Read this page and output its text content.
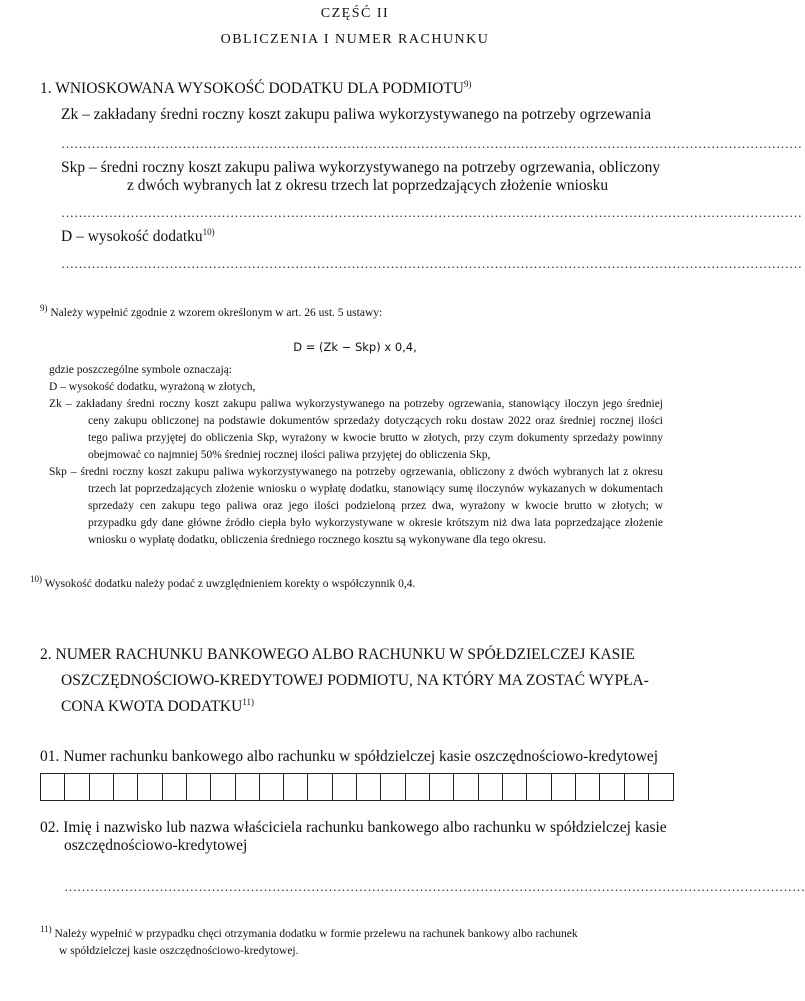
CZĘŚĆ II
OBLICZENIA I NUMER RACHUNKU
1. WNIOSKOWANA WYSOKOŚĆ DODATKU DLA PODMIOTU$^{9)}$
Zk – zakładany średni roczny koszt zakupu paliwa wykorzystywanego na potrzeby ogrzewania
………………………………………………………………………………………………………………………………………………………
Skp – średni roczny koszt zakupu paliwa wykorzystywanego na potrzeby ogrzewania, obliczony
z dwóch wybranych lat z okresu trzech lat poprzedzających złożenie wniosku
………………………………………………………………………………………………………………………………………………………
D – wysokość dodatku$^{10)}$
………………………………………………………………………………………………………………………………………………………
$^{9)}$ Należy wypełnić zgodnie z wzorem określonym w art. 26 ust. 5 ustawy:
D = (Zk − Skp) x 0,4,

gdzie poszczególne symbole oznaczają:

D – wysokość dodatku, wyrażoną w złotych,

Zk – zakładany średni roczny koszt zakupu paliwa wykorzystywanego na potrzeby ogrzewania, stanowiący iloczyn jego średniej ceny zakupu obliczonej na podstawie dokumentów sprzedaży dotyczących roku dostaw 2022 oraz średniej rocznej ilości tego paliwa przyjętej do obliczenia Skp, wyrażony w kwocie brutto w złotych, przy czym dokumenty sprzedaży powinny obejmować co najmniej 50% średniej rocznej ilości paliwa przyjętej do obliczenia Skp,

Skp – średni roczny koszt zakupu paliwa wykorzystywanego na potrzeby ogrzewania, obliczony z dwóch wybranych lat z okresu trzech lat poprzedzających złożenie wniosku o wypłatę dodatku, stanowiący sumę iloczynów wykazanych w dokumentach sprzedaży cen zakupu tego paliwa oraz jego ilości podzieloną przez dwa, wyrażony w kwocie brutto w złotych; w przypadku gdy dane główne źródło ciepła było wykorzystywane w okresie krótszym niż dwa lata poprzedzające złożenie wniosku o wypłatę dodatku, obliczenia średniego rocznego kosztu są wykonywane dla tego okresu.

$^{10)}$ Wysokość dodatku należy podać z uwzględnieniem korekty o współczynnik 0,4.
2. NUMER RACHUNKU BANKOWEGO ALBO RACHUNKU W SPÓŁDZIELCZEJ KASIE
OSZCZĘDNOŚCIOWO-KREDYTOWEJ PODMIOTU, NA KTÓRY MA ZOSTAĆ WYPŁA-
CONA KWOTA DODATKU$^{11)}$
01. Numer rachunku bankowego albo rachunku w spółdzielczej kasie oszczędnościowo-kredytowej
02. Imię i nazwisko lub nazwa właściciela rachunku bankowego albo rachunku w spółdzielczej kasie
oszczędnościowo-kredytowej
………………………………………………………………………………………………………………………………………………………
$^{11)}$ Należy wypełnić w przypadku chęci otrzymania dodatku w formie przelewu na rachunek bankowy albo rachunek
w spółdzielczej kasie oszczędnościowo-kredytowej.
